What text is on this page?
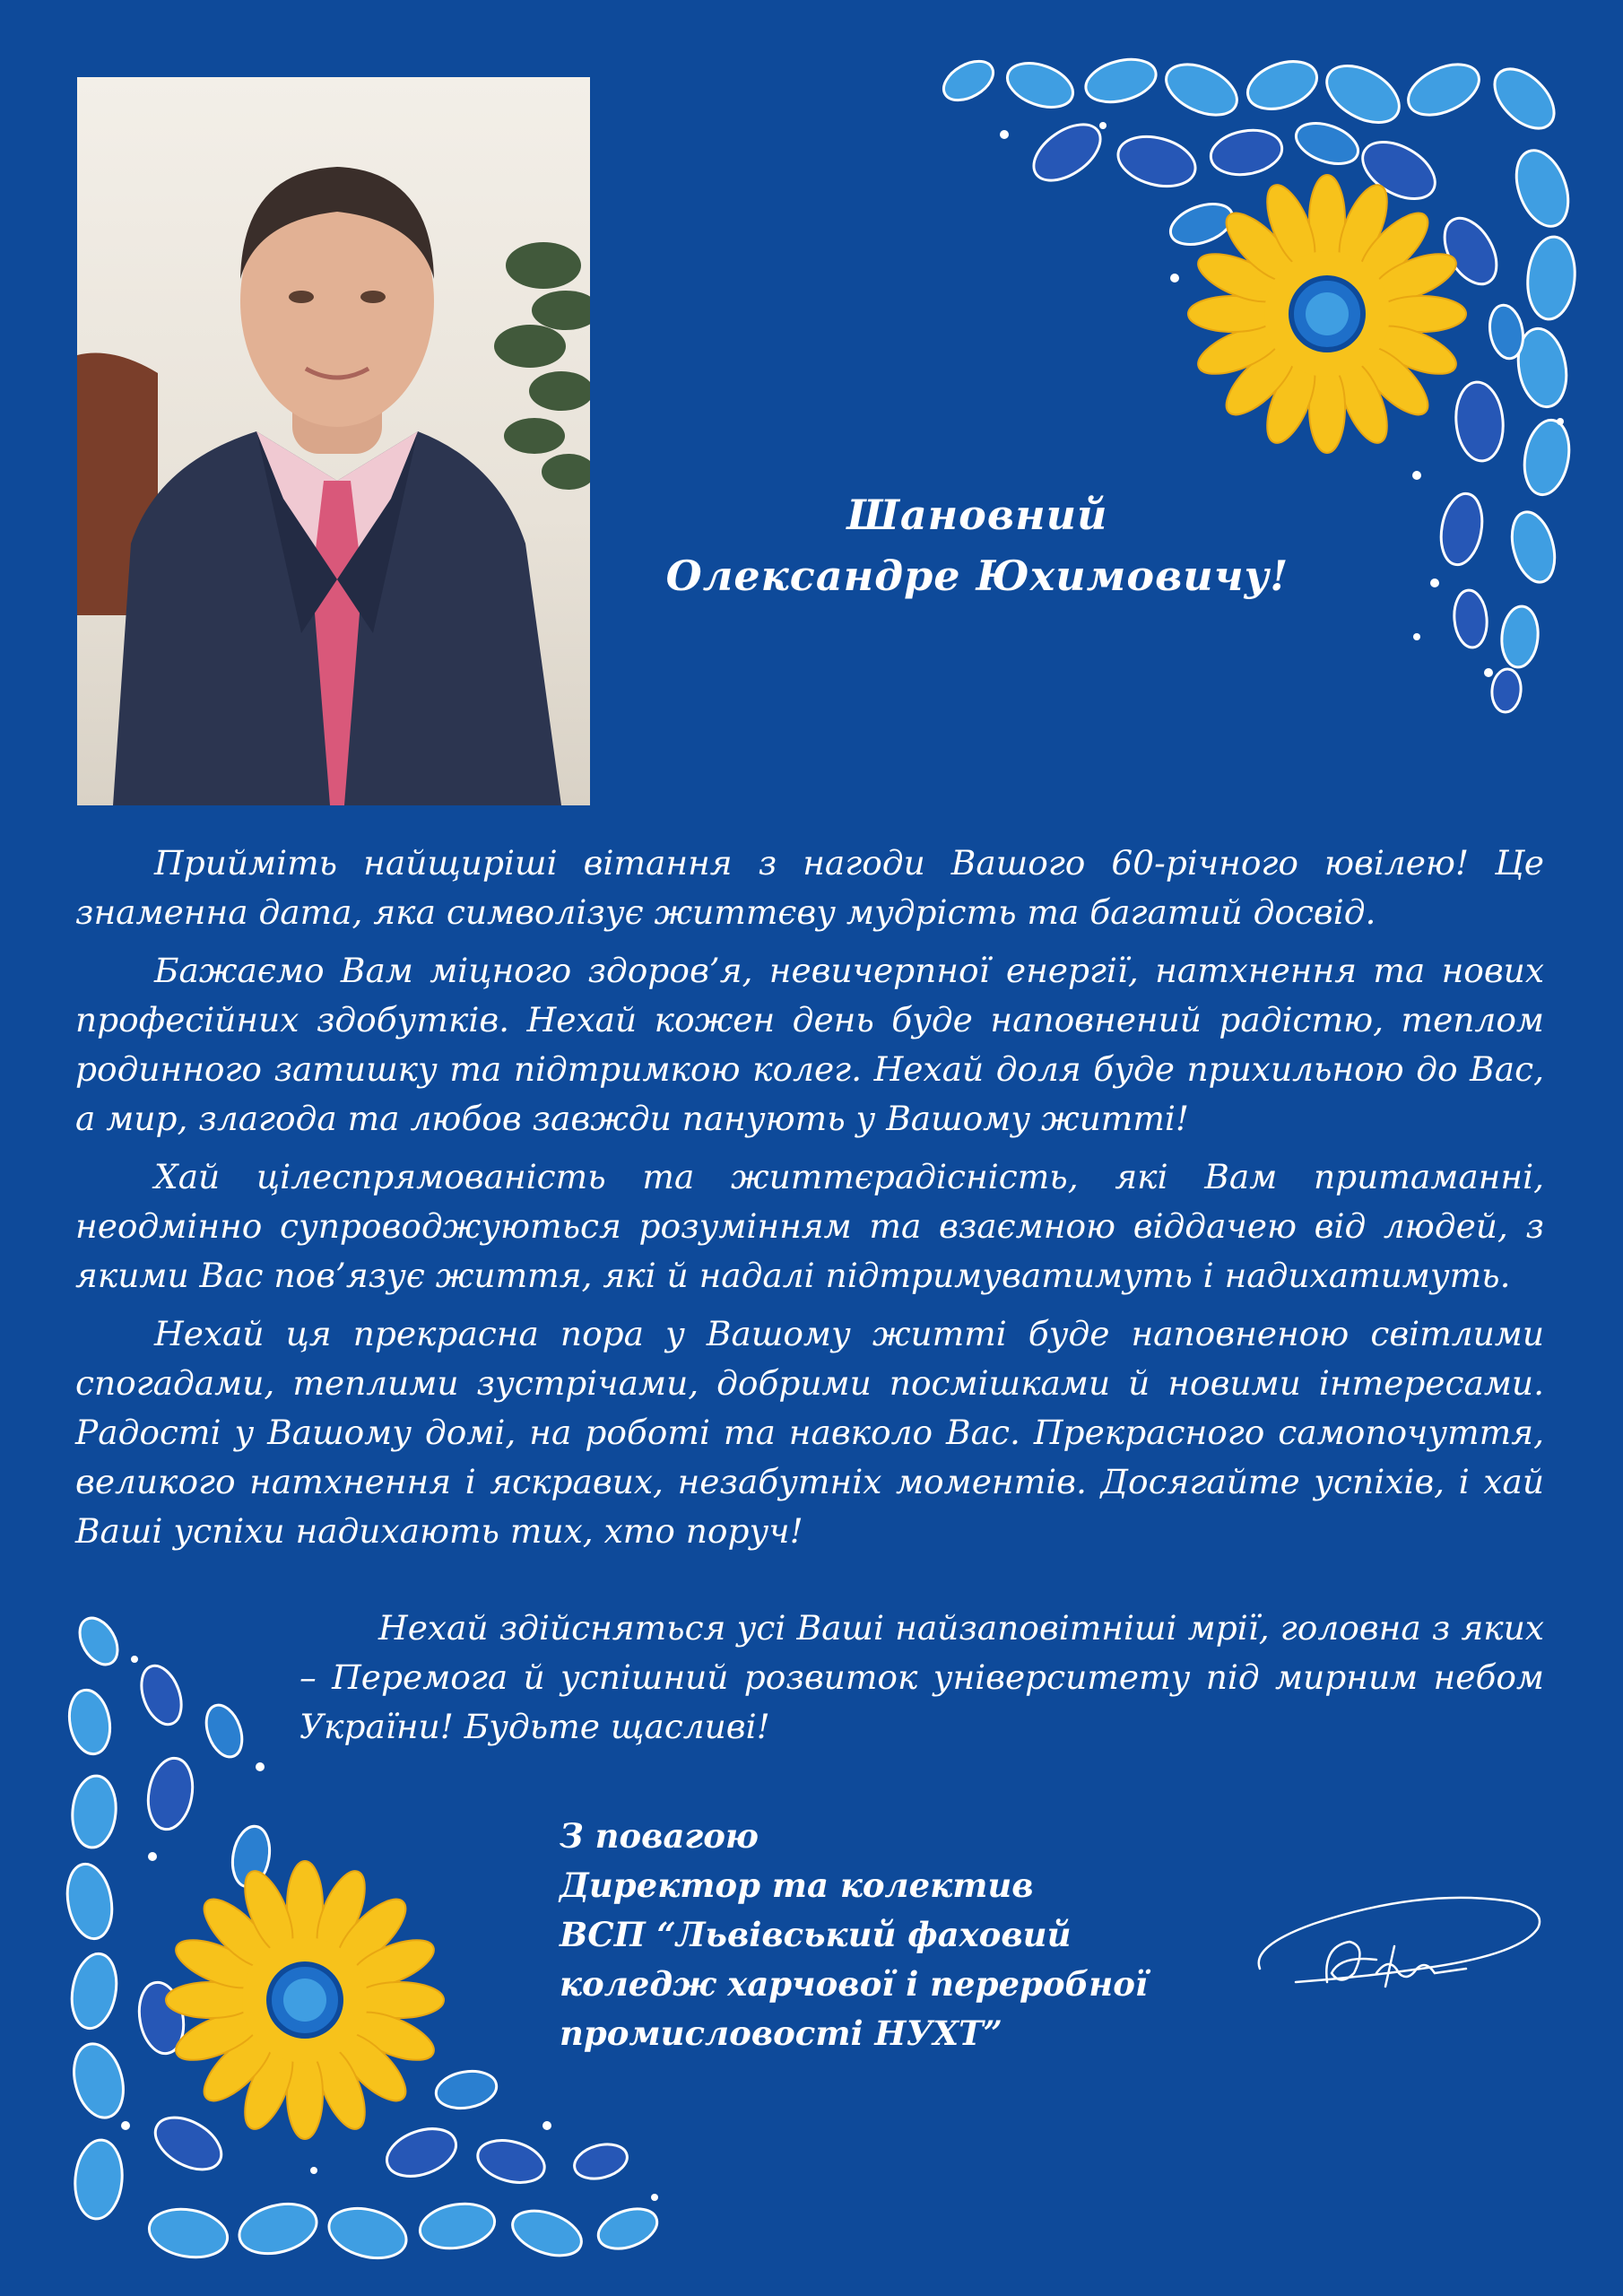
Шановний
Олександре Юхимовичу!

Прийміть найщиріші вітання з нагоди Вашого 60-річного ювілею! Це знаменна дата, яка символізує життєву мудрість та багатий досвід.

Бажаємо Вам міцного здоров’я, невичерпної енергії, натхнення та нових професійних здобутків. Нехай кожен день буде наповнений радістю, теплом родинного затишку та підтримкою колег. Нехай доля буде прихильною до Вас, а мир, злагода та любов завжди панують у Вашому житті!

Хай цілеспрямованість та життєрадісність, які Вам притаманні, неодмінно супроводжуються розумінням та взаємною віддачею від людей, з якими Вас пов’язує життя, які й надалі підтримуватимуть і надихатимуть.

Нехай ця прекрасна пора у Вашому житті буде наповненою світлими спогадами, теплими зустрічами, добрими посмішками й новими інтересами. Радості у Вашому домі, на роботі та навколо Вас. Прекрасного самопочуття, великого натхнення і яскравих, незабутніх моментів. Досягайте успіхів, і хай Ваші успіхи надихають тих, хто поруч!

Нехай здійсняться усі Ваші найзаповітніші мрії, головна з яких – Перемога й успішний розвиток університету під мирним небом України! Будьте щасливі!

З повагою
Директор та колектив
ВСП “Львівський фаховий
коледж харчової і переробної
промисловості НУХТ”
